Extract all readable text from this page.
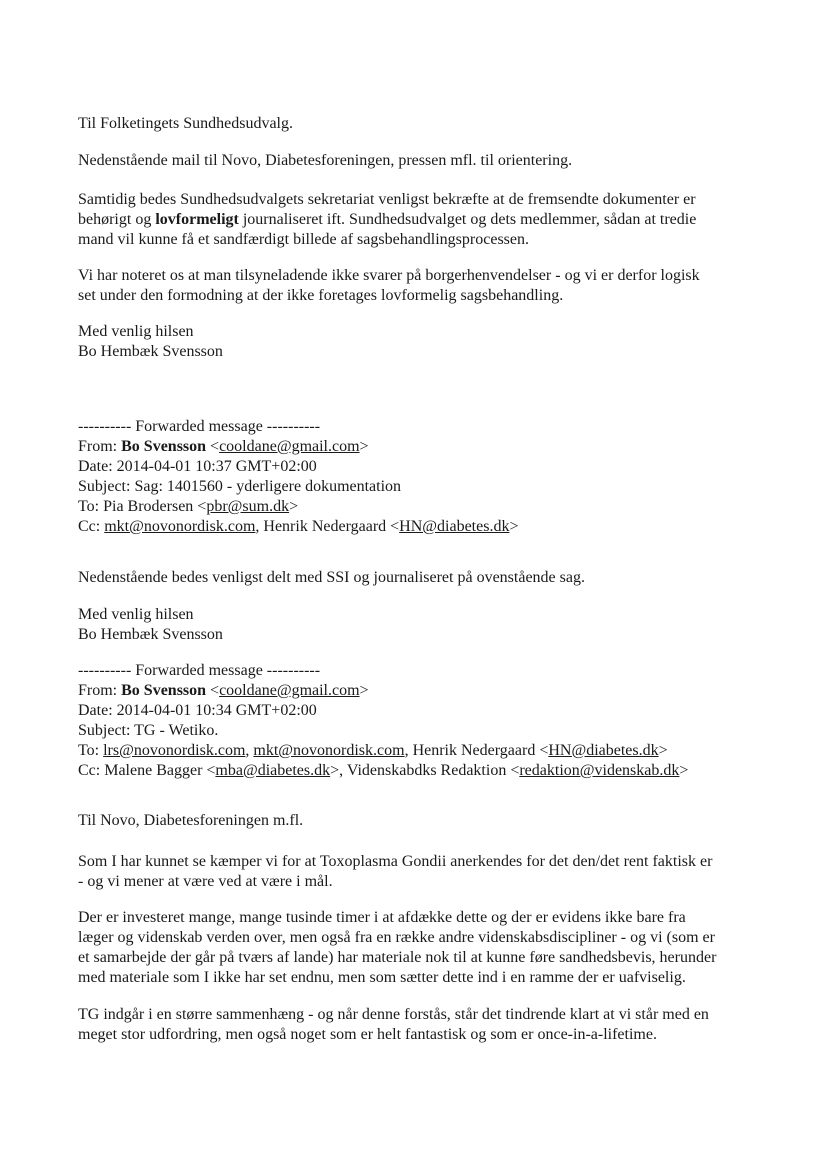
Til Folketingets Sundhedsudvalg.
Nedenstående mail til Novo, Diabetesforeningen, pressen mfl. til orientering.
Samtidig bedes Sundhedsudvalgets sekretariat venligst bekræfte at de fremsendte dokumenter er
behørigt og lovformeligt journaliseret ift. Sundhedsudvalget og dets medlemmer, sådan at tredie
mand vil kunne få et sandfærdigt billede af sagsbehandlingsprocessen.
Vi har noteret os at man tilsyneladende ikke svarer på borgerhenvendelser - og vi er derfor logisk
set under den formodning at der ikke foretages lovformelig sagsbehandling.
Med venlig hilsen
Bo Hembæk Svensson
---------- Forwarded message ----------
From: Bo Svensson <cooldane@gmail.com>
Date: 2014-04-01 10:37 GMT+02:00
Subject: Sag: 1401560 - yderligere dokumentation
To: Pia Brodersen <pbr@sum.dk>
Cc: mkt@novonordisk.com, Henrik Nedergaard <HN@diabetes.dk>
Nedenstående bedes venligst delt med SSI og journaliseret på ovenstående sag.
Med venlig hilsen
Bo Hembæk Svensson
---------- Forwarded message ----------
From: Bo Svensson <cooldane@gmail.com>
Date: 2014-04-01 10:34 GMT+02:00
Subject: TG - Wetiko.
To: lrs@novonordisk.com, mkt@novonordisk.com, Henrik Nedergaard <HN@diabetes.dk>
Cc: Malene Bagger <mba@diabetes.dk>, Videnskabdks Redaktion <redaktion@videnskab.dk>
Til Novo, Diabetesforeningen m.fl.
Som I har kunnet se kæmper vi for at Toxoplasma Gondii anerkendes for det den/det rent faktisk er
- og vi mener at være ved at være i mål.
Der er investeret mange, mange tusinde timer i at afdække dette og der er evidens ikke bare fra
læger og videnskab verden over, men også fra en række andre videnskabsdiscipliner - og vi (som er
et samarbejde der går på tværs af lande) har materiale nok til at kunne føre sandhedsbevis, herunder
med materiale som I ikke har set endnu, men som sætter dette ind i en ramme der er uafviselig.
TG indgår i en større sammenhæng - og når denne forstås, står det tindrende klart at vi står med en
meget stor udfordring, men også noget som er helt fantastisk og som er once-in-a-lifetime.
